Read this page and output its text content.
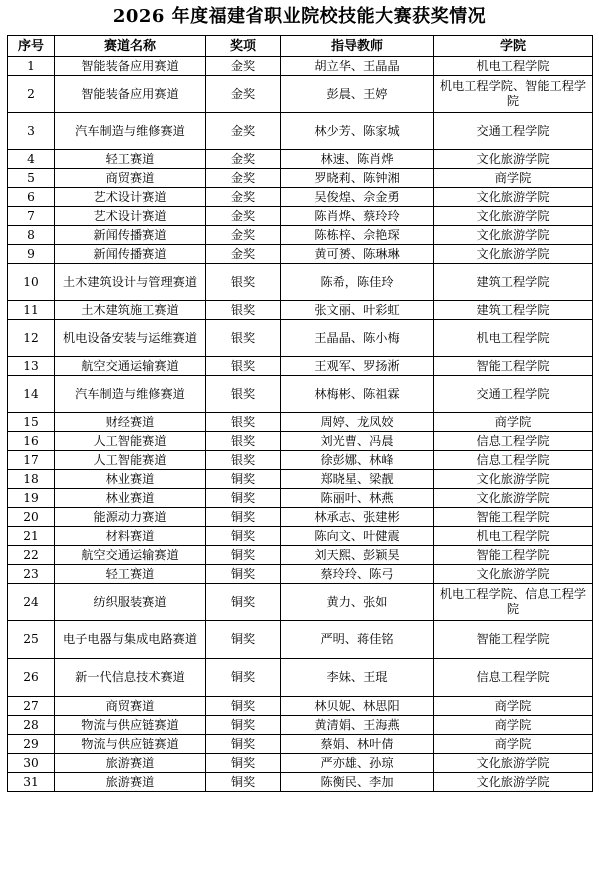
2026 年度福建省职业院校技能大赛获奖情况
序号	赛道名称	奖项	指导教师	学院
1	智能装备应用赛道	金奖	胡立华、王晶晶	机电工程学院
2	智能装备应用赛道	金奖	彭晨、王婷	机电工程学院、智能工程学院
3	汽车制造与维修赛道	金奖	林少芳、陈家城	交通工程学院
4	轻工赛道	金奖	林速、陈肖烨	文化旅游学院
5	商贸赛道	金奖	罗晓莉、陈钟湘	商学院
6	艺术设计赛道	金奖	吴俊煌、佘金勇	文化旅游学院
7	艺术设计赛道	金奖	陈肖烨、蔡玲玲	文化旅游学院
8	新闻传播赛道	金奖	陈栋梓、佘艳琛	文化旅游学院
9	新闻传播赛道	金奖	黄可赟、陈琳琳	文化旅游学院
10	土木建筑设计与管理赛道	银奖	陈希，陈佳玲	建筑工程学院
11	土木建筑施工赛道	银奖	张文丽、叶彩虹	建筑工程学院
12	机电设备安装与运维赛道	银奖	王晶晶、陈小梅	机电工程学院
13	航空交通运输赛道	银奖	王观军、罗扬淅	智能工程学院
14	汽车制造与维修赛道	银奖	林梅彬、陈祖霖	交通工程学院
15	财经赛道	银奖	周婷、龙凤姣	商学院
16	人工智能赛道	银奖	刘光曹、冯晨	信息工程学院
17	人工智能赛道	银奖	徐彭娜、林峰	信息工程学院
18	林业赛道	铜奖	郑晓星、梁靓	文化旅游学院
19	林业赛道	铜奖	陈丽叶、林燕	文化旅游学院
20	能源动力赛道	铜奖	林承志、张建彬	智能工程学院
21	材料赛道	铜奖	陈向文、叶健震	机电工程学院
22	航空交通运输赛道	铜奖	刘天熙、彭颖昊	智能工程学院
23	轻工赛道	铜奖	蔡玲玲、陈弓	文化旅游学院
24	纺织服装赛道	铜奖	黄力、张如	机电工程学院、信息工程学院
25	电子电器与集成电路赛道	铜奖	严明、蒋佳铭	智能工程学院
26	新一代信息技术赛道	铜奖	李妹、王琨	信息工程学院
27	商贸赛道	铜奖	林贝妮、林思阳	商学院
28	物流与供应链赛道	铜奖	黄清娟、王海燕	商学院
29	物流与供应链赛道	铜奖	蔡娟、林叶倩	商学院
30	旅游赛道	铜奖	严亦雄、孙琼	文化旅游学院
31	旅游赛道	铜奖	陈衡民、李加	文化旅游学院
